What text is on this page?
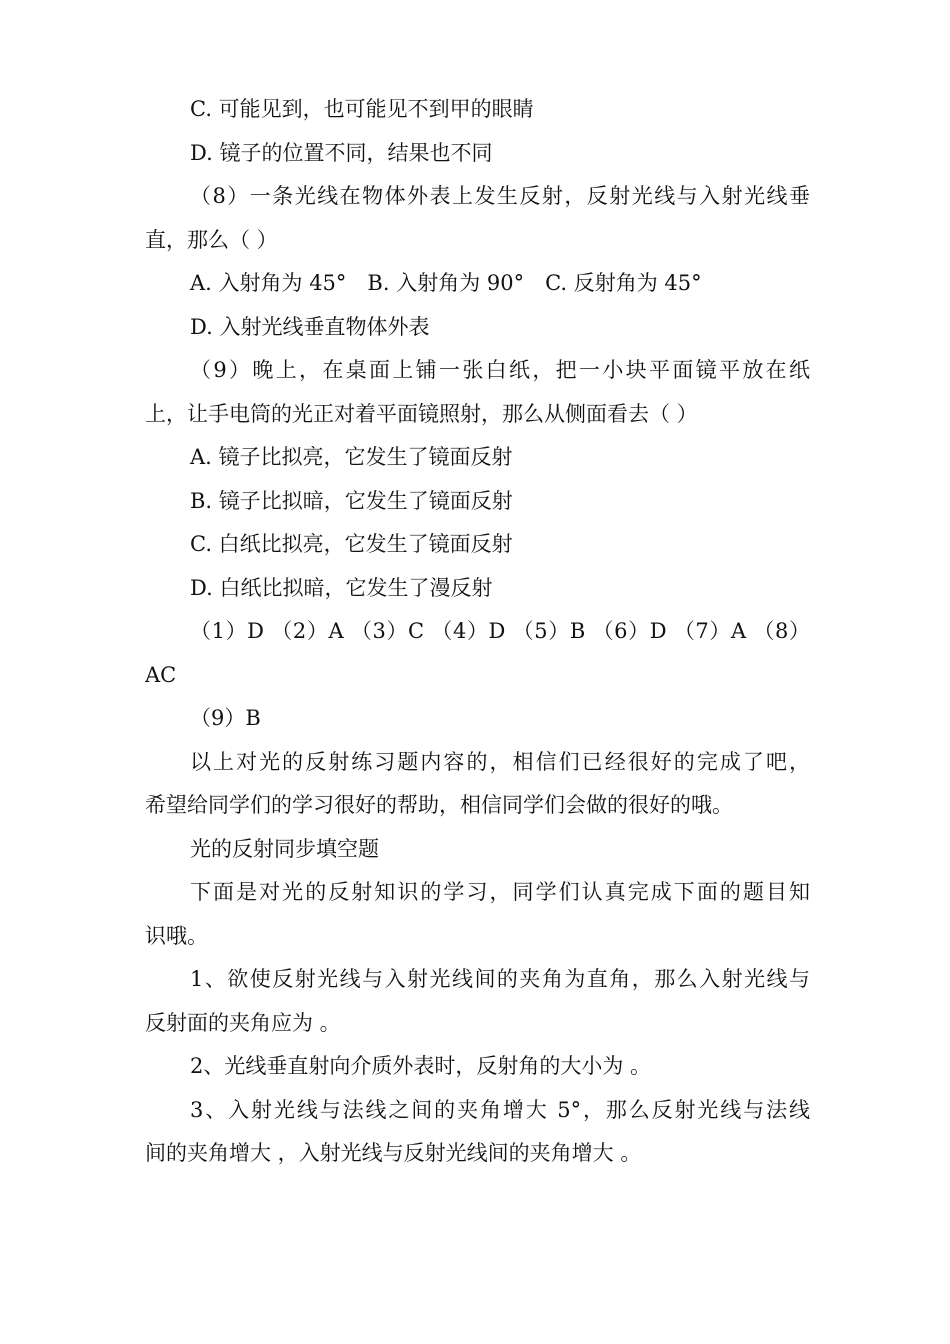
C. 可能见到，也可能见不到甲的眼睛
D. 镜子的位置不同，结果也不同
（8）一条光线在物体外表上发生反射，反射光线与入射光线垂
直，那么（ ）
A. 入射角为 45°　B. 入射角为 90°　C. 反射角为 45°
D. 入射光线垂直物体外表
（9）晚上，在桌面上铺一张白纸，把一小块平面镜平放在纸
上，让手电筒的光正对着平面镜照射，那么从侧面看去（ ）
A. 镜子比拟亮，它发生了镜面反射
B. 镜子比拟暗，它发生了镜面反射
C. 白纸比拟亮，它发生了镜面反射
D. 白纸比拟暗，它发生了漫反射
（1）D （2）A （3）C （4）D （5）B （6）D （7）A （8）
AC
（9）B
以上对光的反射练习题内容的，相信们已经很好的完成了吧，
希望给同学们的学习很好的帮助，相信同学们会做的很好的哦。
光的反射同步填空题
下面是对光的反射知识的学习，同学们认真完成下面的题目知
识哦。
1、欲使反射光线与入射光线间的夹角为直角，那么入射光线与
反射面的夹角应为 。
2、光线垂直射向介质外表时，反射角的大小为 。
3、入射光线与法线之间的夹角增大 5°，那么反射光线与法线
间的夹角增大 ，入射光线与反射光线间的夹角增大 。
